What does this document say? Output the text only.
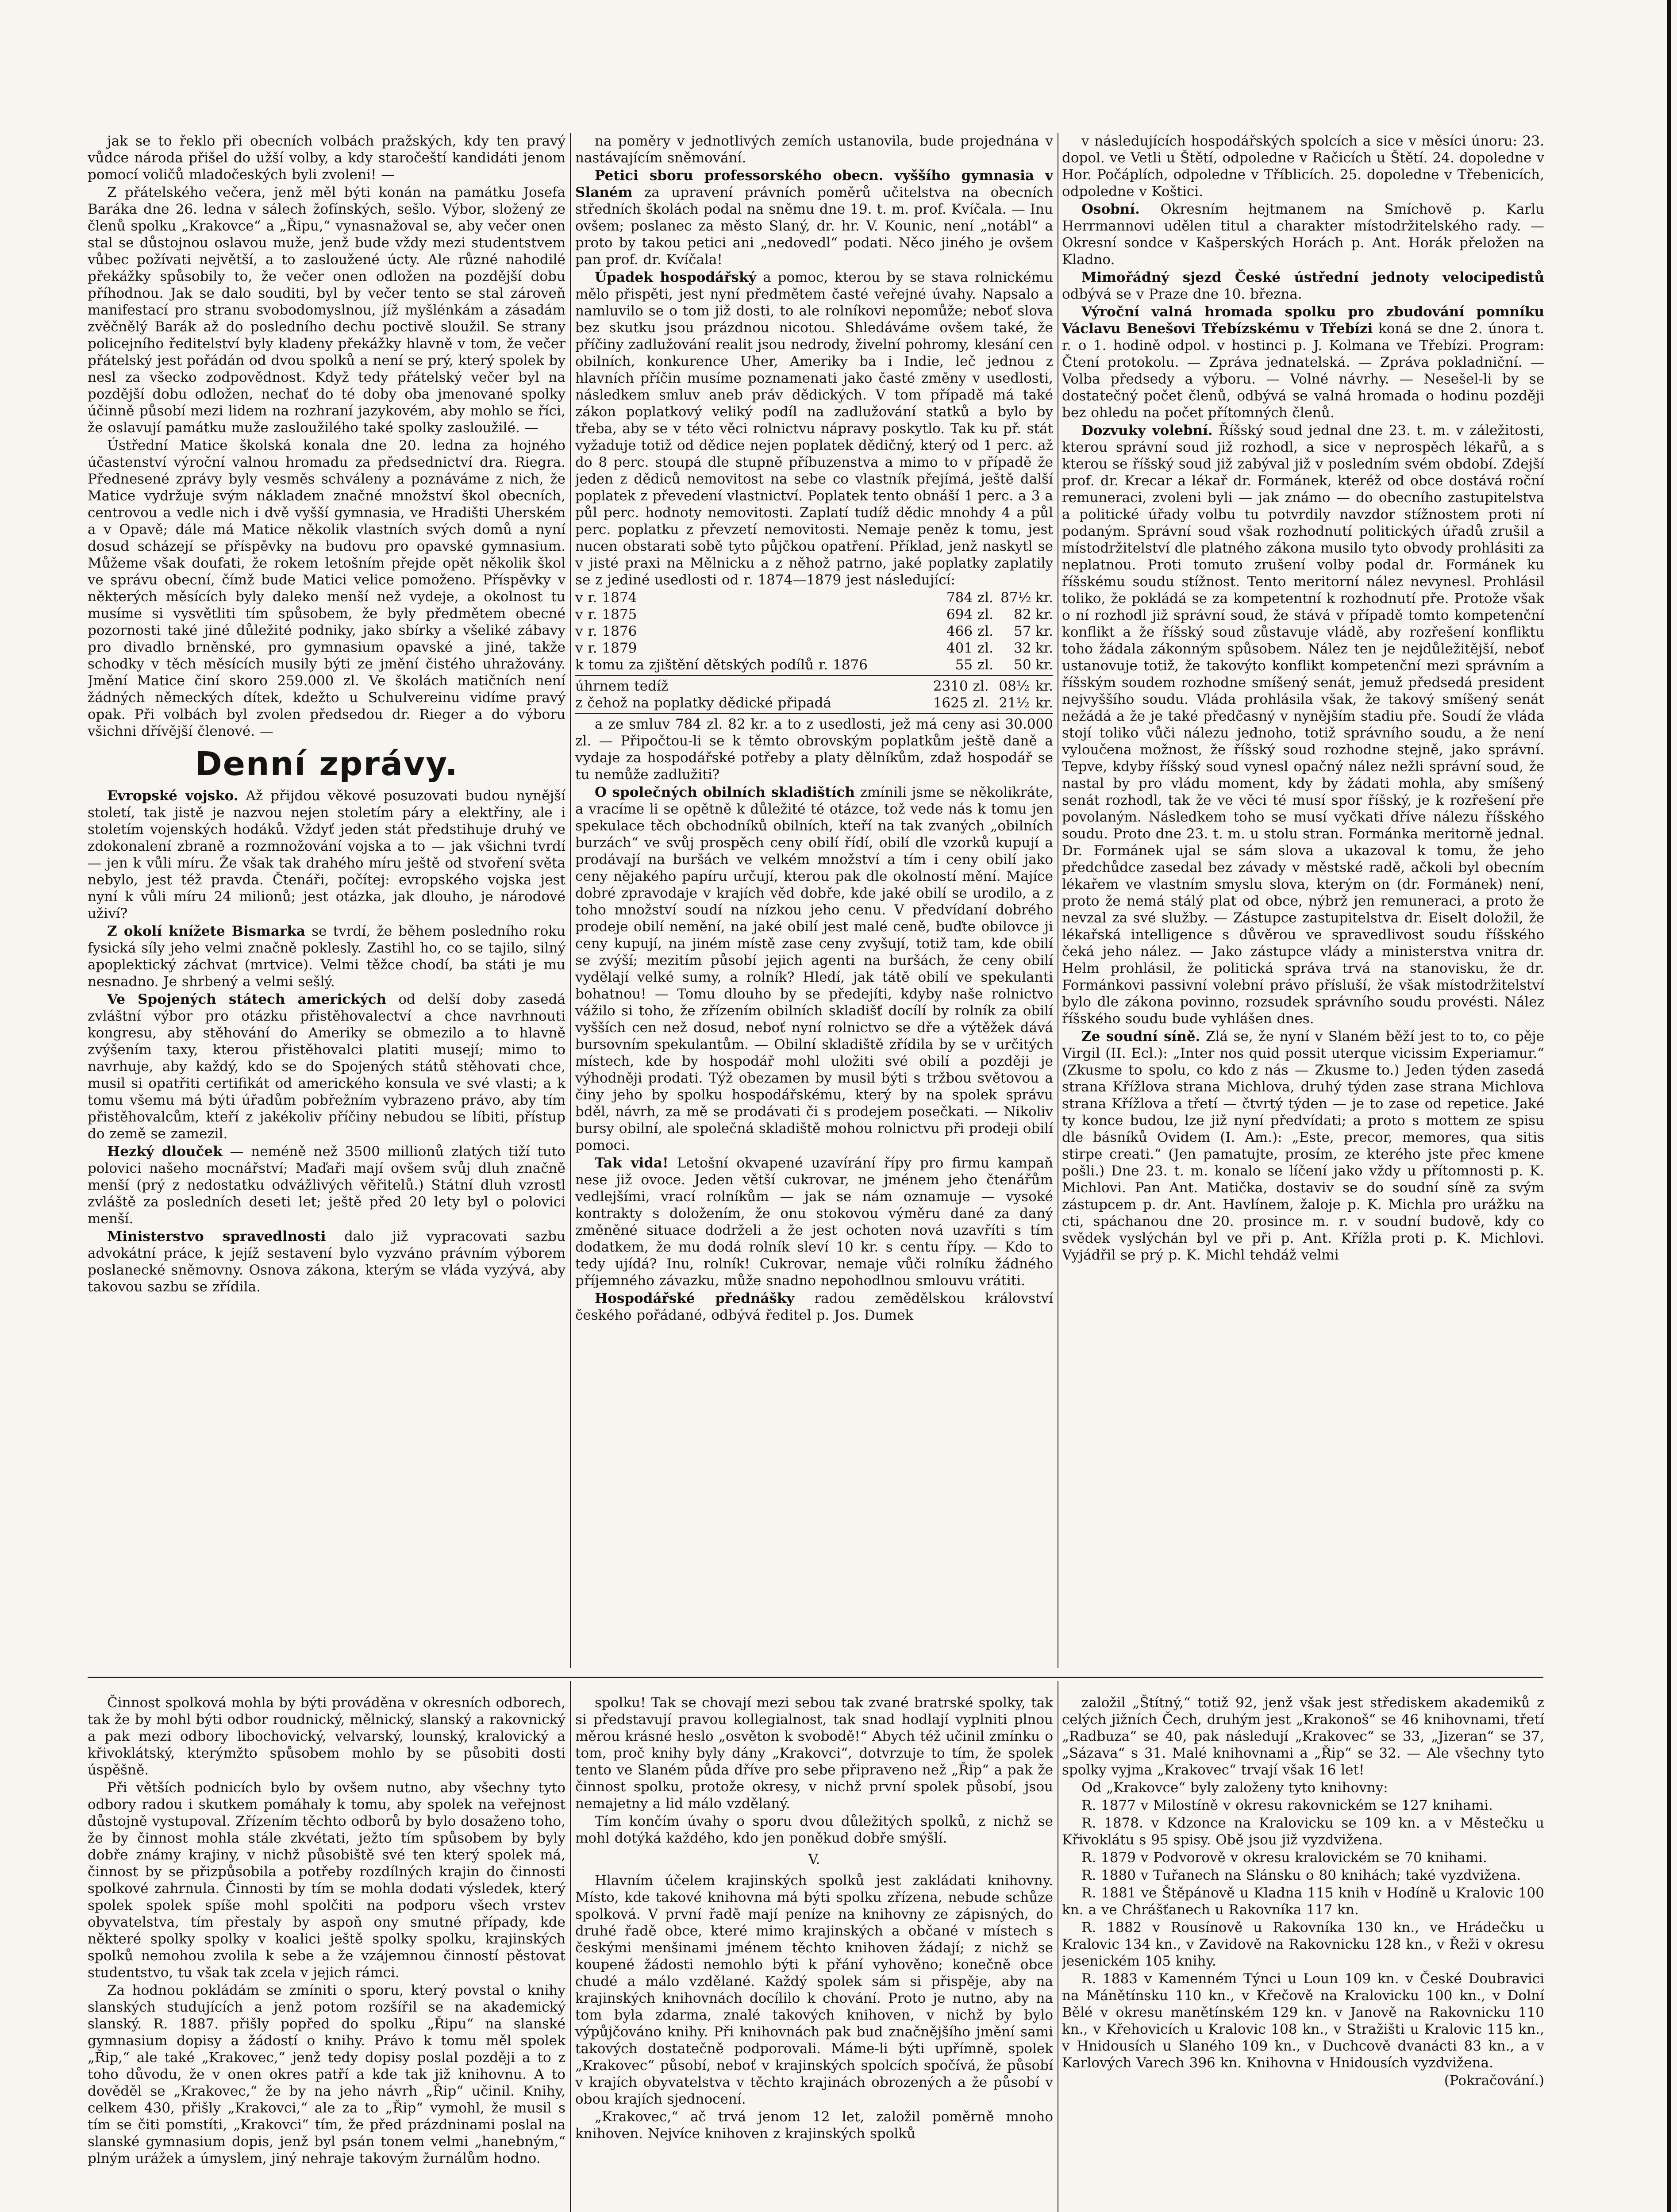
jak se to řeklo při obecních volbách pražských, kdy ten pravý vůdce národa přišel do užší volby, a kdy staročeští kandidáti jenom pomocí voličů mladočeských byli zvoleni! —

Z přátelského večera, jenž měl býti konán na památku Josefa Baráka dne 26. ledna v sálech žofínských, sešlo. Výbor, složený ze členů spolku „Krakovce“ a „Řipu,“ vynasnažoval se, aby večer onen stal se důstojnou oslavou muže, jenž bude vždy mezi studentstvem vůbec požívati největší, a to zasloužené úcty. Ale různé nahodilé překážky spůsobily to, že večer onen odložen na pozdější dobu příhodnou. Jak se dalo souditi, byl by večer tento se stal zároveň manifestací pro stranu svobodomyslnou, jíž myšlénkám a zásadám zvěčnělý Barák až do posledního dechu poctivě sloužil. Se strany policejního ředitelství byly kladeny překážky hlavně v tom, že večer přátelský jest pořádán od dvou spolků a není se prý, který spolek by nesl za všecko zodpovědnost. Když tedy přátelský večer byl na pozdější dobu odložen, nechať do té doby oba jmenované spolky účinně působí mezi lidem na rozhraní jazykovém, aby mohlo se říci, že oslavují památku muže zasloužilého také spolky zasloužilé. —

Ústřední Matice školská konala dne 20. ledna za hojného účastenství výroční valnou hromadu za předsednictví dra. Riegra. Přednesené zprávy byly vesměs schváleny a poznáváme z nich, že Matice vydržuje svým nákladem značné množství škol obecních, centrovou a vedle nich i dvě vyšší gymnasia, ve Hradišti Uherském a v Opavě; dále má Matice několik vlastních svých domů a nyní dosud scházejí se příspěvky na budovu pro opavské gymnasium. Můžeme však doufati, že rokem letošním přejde opět několik škol ve správu obecní, čímž bude Matici velice pomoženo. Příspěvky v některých měsících byly daleko menší než vydeje, a okolnost tu musíme si vysvětliti tím spůsobem, že byly předmětem obecné pozornosti také jiné důležité podniky, jako sbírky a všeliké zábavy pro divadlo brněnské, pro gymnasium opavské a jiné, takže schodky v těch měsících musily býti ze jmění čistého uhražovány. Jmění Matice činí skoro 259.000 zl. Ve školách matičních není žádných německých dítek, kdežto u Schulvereinu vidíme pravý opak. Při volbách byl zvolen předsedou dr. Rieger a do výboru všichni dřívější členové. —

Denní zprávy.

Evropské vojsko. Až přijdou věkové posuzovati budou nynější století, tak jistě je nazvou nejen stoletím páry a elektřiny, ale i stoletím vojenských hodáků. Vždyť jeden stát předstihuje druhý ve zdokonalení zbraně a rozmnožování vojska a to — jak všichni tvrdí — jen k vůli míru. Že však tak drahého míru ještě od stvoření světa nebylo, jest též pravda. Čtenáři, počítej: evropského vojska jest nyní k vůli míru 24 milionů; jest otázka, jak dlouho, je národové uživí?

Z okolí knížete Bismarka se tvrdí, že během posledního roku fysická síly jeho velmi značně poklesly. Zastihl ho, co se tajilo, silný apoplektický záchvat (mrtvice). Velmi těžce chodí, ba státi je mu nesnadno. Je shrbený a velmi sešlý.

Ve Spojených státech amerických od delší doby zasedá zvláštní výbor pro otázku přistěhovalectví a chce navrhnouti kongresu, aby stěhování do Ameriky se obmezilo a to hlavně zvýšením taxy, kterou přistěhovalci platiti musejí; mimo to navrhuje, aby každý, kdo se do Spojených států stěhovati chce, musil si opatřiti certifikát od amerického konsula ve své vlasti; a k tomu všemu má býti úřadům pobřežním vybrazeno právo, aby tím přistěhovalcům, kteří z jakékoliv příčiny nebudou se líbiti, přístup do země se zamezil.

Hezký dlouček — neméně než 3500 millionů zlatých tiží tuto polovici našeho mocnářství; Maďaři mají ovšem svůj dluh značně menší (prý z nedostatku odvážlivých věřitelů.) Státní dluh vzrostl zvláště za posledních deseti let; ještě před 20 lety byl o polovici menší.

Ministerstvo spravedlnosti dalo již vypracovati sazbu advokátní práce, k jejíž sestavení bylo vyzváno právním výborem poslanecké sněmovny. Osnova zákona, kterým se vláda vyzývá, aby takovou sazbu se zřídila.

na poměry v jednotlivých zemích ustanovila, bude projednána v nastávajícím sněmování.

Petici sboru professorského obecn. vyššího gymnasia v Slaném za upravení právních poměrů učitelstva na obecních středních školách podal na sněmu dne 19. t. m. prof. Kvíčala. — Inu ovšem; poslanec za město Slaný, dr. hr. V. Kounic, není „notábl“ a proto by takou petici ani „nedovedl“ podati. Něco jiného je ovšem pan prof. dr. Kvíčala!

Úpadek hospodářský a pomoc, kterou by se stava rolnickému mělo přispěti, jest nyní předmětem časté veřejné úvahy. Napsalo a namluvilo se o tom již dosti, to ale rolníkovi nepomůže; neboť slova bez skutku jsou prázdnou nicotou. Shledáváme ovšem také, že příčiny zadlužování realit jsou nedrody, živelní pohromy, klesání cen obilních, konkurence Uher, Ameriky ba i Indie, leč jednou z hlavních příčin musíme poznamenati jako časté změny v usedlosti, následkem smluv aneb práv dědických. V tom případě má také zákon poplatkový veliký podíl na zadlužování statků a bylo by třeba, aby se v této věci rolnictvu nápravy poskytlo. Tak ku př. stát vyžaduje totiž od dědice nejen poplatek dědičný, který od 1 perc. až do 8 perc. stoupá dle stupně příbuzenstva a mimo to v případě že jeden z dědiců nemovitost na sebe co vlastník přejímá, ještě další poplatek z převedení vlastnictví. Poplatek tento obnáší 1 perc. a 3 a půl perc. hodnoty nemovitosti. Zaplatí tudíž dědic mnohdy 4 a půl perc. poplatku z převzetí nemovitosti. Nemaje peněz k tomu, jest nucen obstarati sobě tyto půjčkou opatření. Příklad, jenž naskytl se v jisté praxi na Mělnicku a z něhož patrno, jaké poplatky zaplatily se z jediné usedlosti od r. 1874—1879 jest následující:

v r. 1874	784 zl.	87½	kr.
v r. 1875	694 zl.	82	kr.
v r. 1876	466 zl.	57	kr.
v r. 1879	401 zl.	32	kr.
k tomu za zjištění dětských podílů r. 1876	55 zl.	50	kr.
úhrnem tedíž	2310 zl.	08½	kr.
z čehož na poplatky dědické připadá	1625 zl.	21½	kr.

a ze smluv 784 zl. 82 kr. a to z usedlosti, jež má ceny asi 30.000 zl. — Připočtou-li se k těmto obrovským poplatkům ještě daně a vydaje za hospodářské potřeby a platy dělníkům, zdaž hospodář se tu nemůže zadlužiti?

O společných obilních skladištích zmínili jsme se několikráte, a vracíme li se opětně k důležité té otázce, tož vede nás k tomu jen spekulace těch obchodníků obilních, kteří na tak zvaných „obilních burzách“ ve svůj prospěch ceny obilí řídí, obilí dle vzorků kupují a prodávají na buršách ve velkém množství a tím i ceny obilí jako ceny nějakého papíru určují, kterou pak dle okolností mění. Majíce dobré zpravodaje v krajích věd dobře, kde jaké obilí se urodilo, a z toho množství soudí na nízkou jeho cenu. V předvídaní dobrého prodeje obilí nemění, na jaké obilí jest malé ceně, buďte obilovce ji ceny kupují, na jiném místě zase ceny zvyšují, totiž tam, kde obilí se zvýší; mezitím působí jejich agenti na buršách, že ceny obilí vydělají velké sumy, a rolník? Hledí, jak tátě obilí ve spekulanti bohatnou! — Tomu dlouho by se předejíti, kdyby naše rolnictvo vážilo si toho, že zřízením obilních skladišť docílí by rolník za obilí vyšších cen než dosud, neboť nyní rolnictvo se dře a výtěžek dává bursovním spekulantům. — Obilní skladiště zřídila by se v určitých místech, kde by hospodář mohl uložiti své obilí a později je výhodněji prodati. Týž obezamen by musil býti s tržbou světovou a činy jeho by spolku hospodářskému, který by na spolek správu bděl, návrh, za mě se prodávati či s prodejem posečkati. — Nikoliv bursy obilní, ale společná skladiště mohou rolnictvu při prodeji obilí pomoci.

Tak vida! Letošní okvapené uzavírání řípy pro firmu kampaň nese již ovoce. Jeden větší cukrovar, ne jménem jeho čtenářům vedlejšími, vrací rolníkům — jak se nám oznamuje — vysoké kontrakty s doložením, že onu stokovou výměru dané za daný změněné situace dodrželi a že jest ochoten nová uzavříti s tím dodatkem, že mu dodá rolník sleví 10 kr. s centu řípy. — Kdo to tedy ujídá? Inu, rolník! Cukrovar, nemaje vůči rolníku žádného příjemného závazku, může snadno nepohodlnou smlouvu vrátiti.

Hospodářské přednášky radou zemědělskou království českého pořádané, odbývá ředitel p. Jos. Dumek

v následujících hospodářských spolcích a sice v měsíci únoru: 23. dopol. ve Vetli u Štětí, odpoledne v Račicích u Štětí. 24. dopoledne v Hor. Počáplích, odpoledne v Tříblicích. 25. dopoledne v Třebenicích, odpoledne v Koštici.

Osobní. Okresním hejtmanem na Smíchově p. Karlu Herrmannovi udělen titul a charakter místodržitelského rady. — Okresní sondce v Kašperských Horách p. Ant. Horák přeložen na Kladno.

Mimořádný sjezd České ústřední jednoty velocipedistů odbývá se v Praze dne 10. března.

Výroční valná hromada spolku pro zbudování pomníku Václavu Benešovi Třebízskému v Třebízi koná se dne 2. února t. r. o 1. hodině odpol. v hostinci p. J. Kolmana ve Třebízi. Program: Čtení protokolu. — Zpráva jednatelská. — Zpráva pokladniční. — Volba předsedy a výboru. — Volné návrhy. — Nesešel-li by se dostatečný počet členů, odbývá se valná hromada o hodinu později bez ohledu na počet přítomných členů.

Dozvuky volební. Říšský soud jednal dne 23. t. m. v záležitosti, kterou správní soud již rozhodl, a sice v neprospěch lékařů, a s kterou se říšský soud již zabýval již v posledním svém období. Zdejší prof. dr. Krecar a lékař dr. Formánek, kteréž od obce dostává roční remuneraci, zvoleni byli — jak známo — do obecního zastupitelstva a politické úřady volbu tu potvrdily navzdor stížnostem proti ní podaným. Správní soud však rozhodnutí politických úřadů zrušil a místodržitelství dle platného zákona musilo tyto obvody prohlásiti za neplatnou. Proti tomuto zrušení volby podal dr. Formánek ku říšskému soudu stížnost. Tento meritorní nález nevynesl. Prohlásil toliko, že pokládá se za kompetentní k rozhodnutí pře. Protože však o ní rozhodl již správní soud, že stává v případě tomto kompetenční konflikt a že říšský soud zůstavuje vládě, aby rozřešení konfliktu toho žádala zákonným spůsobem. Nález ten je nejdůležitější, neboť ustanovuje totiž, že takovýto konflikt kompetenční mezi správním a říšským soudem rozhodne smíšený senát, jemuž předsedá president nejvyššího soudu. Vláda prohlásila však, že takový smíšený senát nežádá a že je také předčasný v nynějším stadiu pře. Soudí že vláda stojí toliko vůči nálezu jednoho, totiž správního soudu, a že není vyloučena možnost, že říšský soud rozhodne stejně, jako správní. Tepve, kdyby říšský soud vynesl opačný nález nežli správní soud, že nastal by pro vládu moment, kdy by žádati mohla, aby smíšený senát rozhodl, tak že ve věci té musí spor říšský, je k rozřešení pře povolaným. Následkem toho se musí vyčkati dříve nálezu říšského soudu. Proto dne 23. t. m. u stolu stran. Formánka meritorně jednal. Dr. Formánek ujal se sám slova a ukazoval k tomu, že jeho předchůdce zasedal bez závady v městské radě, ačkoli byl obecním lékařem ve vlastním smyslu slova, kterým on (dr. Formánek) není, proto že nemá stálý plat od obce, nýbrž jen remuneraci, a proto že nevzal za své služby. — Zástupce zastupitelstva dr. Eiselt doložil, že lékařská intelligence s důvěrou ve spravedlivost soudu říšského čeká jeho nález. — Jako zástupce vlády a ministerstva vnitra dr. Helm prohlásil, že politická správa trvá na stanovisku, že dr. Formánkovi passivní volební právo přísluší, že však místodržitelství bylo dle zákona povinno, rozsudek správního soudu provésti. Nález říšského soudu bude vyhlášen dnes.

Ze soudní síně. Zlá se, že nyní v Slaném běží jest to to, co pěje Virgil (II. Ecl.): „Inter nos quid possit uterque vicissim Experiamur.“ (Zkusme to spolu, co kdo z nás — Zkusme to.) Jeden týden zasedá strana Křížlova strana Michlova, druhý týden zase strana Michlova strana Křížlova a třetí — čtvrtý týden — je to zase od repetice. Jaké ty konce budou, lze již nyní předvídati; a proto s mottem ze spisu dle básníků Ovidem (I. Am.): „Este, precor, memores, qua sitis stirpe creati.“ (Jen pamatujte, prosím, ze kterého jste přec kmene pošli.) Dne 23. t. m. konalo se líčení jako vždy u přítomnosti p. K. Michlovi. Pan Ant. Matička, dostaviv se do soudní síně za svým zástupcem p. dr. Ant. Havlínem, žaloje p. K. Michla pro urážku na cti, spáchanou dne 20. prosince m. r. v soudní budově, kdy co svědek vyslýchán byl ve při p. Ant. Křížla proti p. K. Michlovi. Vyjádřil se prý p. K. Michl tehdáž velmi

Činnost spolková mohla by býti prováděna v okresních odborech, tak že by mohl býti odbor roudnický, mělnický, slanský a rakovnický a pak mezi odbory libochovický, velvarský, lounský, kralovický a křivoklátský, kterýmžto spůsobem mohlo by se působiti dosti úspěšně.

Při větších podnicích bylo by ovšem nutno, aby všechny tyto odbory radou i skutkem pomáhaly k tomu, aby spolek na veřejnost důstojně vystupoval. Zřízením těchto odborů by bylo dosaženo toho, že by činnost mohla stále zkvétati, ježto tím spůsobem by byly dobře známy krajiny, v nichž působiště své ten který spolek má, činnost by se přizpůsobila a potřeby rozdílných krajin do činnosti spolkové zahrnula. Činnosti by tím se mohla dodati výsledek, který spolek spolek spíše mohl spolčiti na podporu všech vrstev obyvatelstva, tím přestaly by aspoň ony smutné případy, kde některé spolky spolky v koalici ještě spolky spolku, krajinských spolků nemohou zvolila k sebe a že vzájemnou činností pěstovat studentstvo, tu však tak zcela v jejich rámci.

Za hodnou pokládám se zmíniti o sporu, který povstal o knihy slanských studujících a jenž potom rozšířil se na akademický slanský. R. 1887. přišly popřed do spolku „Řipu“ na slanské gymnasium dopisy a žádostí o knihy. Právo k tomu měl spolek „Řip,“ ale také „Krakovec,“ jenž tedy dopisy poslal později a to z toho důvodu, že v onen okres patří a kde tak již knihovnu. A to dověděl se „Krakovec,“ že by na jeho návrh „Řip“ učinil. Knihy, celkem 430, přišly „Krakovci,“ ale za to „Řip“ vymohl, že musil s tím se čiti pomstíti, „Krakovci“ tím, že před prázdninami poslal na slanské gymnasium dopis, jenž byl psán tonem velmi „hanebným,“ plným urážek a úmyslem, jiný nehraje takovým žurnálům hodno.

spolku! Tak se chovají mezi sebou tak zvané bratrské spolky, tak si představují pravou kollegialnost, tak snad hodlají vyplniti plnou měrou krásné heslo „osvěton k svobodě!“ Abych též učinil zmínku o tom, proč knihy byly dány „Krakovci“, dotvrzuje to tím, že spolek tento ve Slaném půda dříve pro sebe připraveno než „Řip“ a pak že činnost spolku, protože okresy, v nichž první spolek působí, jsou nemajetny a lid málo vzdělaný.

Tím končím úvahy o sporu dvou důležitých spolků, z nichž se mohl dotýká každého, kdo jen poněkud dobře smýšlí.

V.

Hlavním účelem krajinských spolků jest zakládati knihovny. Místo, kde takové knihovna má býti spolku zřízena, nebude schůze spolková. V první řadě mají peníze na knihovny ze zápisných, do druhé řadě obce, které mimo krajinských a občané v místech s českými menšinami jménem těchto knihoven žádají; z nichž se koupené žádosti nemohlo býti k přání vyhověno; konečně obce chudé a málo vzdělané. Každý spolek sám si přispěje, aby na krajinských knihovnách docílilo k chování. Proto je nutno, aby na tom byla zdarma, znalé takových knihoven, v nichž by bylo výpůjčováno knihy. Při knihovnách pak bud značnějšího jmění sami takových dostatečně podporovali. Máme-li býti upřímně, spolek „Krakovec“ působí, neboť v krajinských spolcích spočívá, že působí v krajích obyvatelstva v těchto krajinách obrozených a že působí v obou krajích sjednocení.

„Krakovec,“ ač trvá jenom 12 let, založil poměrně mnoho knihoven. Nejvíce knihoven z krajinských spolků

založil „Štítný,“ totiž 92, jenž však jest střediskem akademiků z celých jižních Čech, druhým jest „Krakonoš“ se 46 knihovnami, třetí „Radbuza“ se 40, pak následují „Krakovec“ se 33, „Jizeran“ se 37, „Sázava“ s 31. Malé knihovnami a „Řip“ se 32. — Ale všechny tyto spolky vyjma „Krakovec“ trvají však 16 let!

Od „Krakovce“ byly založeny tyto knihovny:

R. 1877 v Milostíně v okresu rakovnickém se 127 knihami.

R. 1878. v Kdzonce na Kralovicku se 109 kn. a v Městečku u Křivoklátu s 95 spisy. Obě jsou již vyzdvižena.

R. 1879 v Podvorově v okresu kralovickém se 70 knihami.

R. 1880 v Tuřanech na Slánsku o 80 knihách; také vyzdvižena.

R. 1881 ve Štěpánově u Kladna 115 knih v Hodíně u Kralovic 100 kn. a ve Chrášťanech u Rakovníka 117 kn.

R. 1882 v Rousínově u Rakovníka 130 kn., ve Hrádečku u Kralovic 134 kn., v Zavidově na Rakovnicku 128 kn., v Řeži v okresu jesenickém 105 knihy.

R. 1883 v Kamenném Týnci u Loun 109 kn. v České Doubravici na Mánětínsku 110 kn., v Křečově na Kralovicku 100 kn., v Dolní Bělé v okresu manětínském 129 kn. v Janově na Rakovnicku 110 kn., v Křehovicích u Kralovic 108 kn., v Stražišti u Kralovic 115 kn., v Hnidousích u Slaného 109 kn., v Duchcově dvanácti 83 kn., a v Karlových Varech 396 kn. Knihovna v Hnidousích vyzdvižena.

(Pokračování.)
